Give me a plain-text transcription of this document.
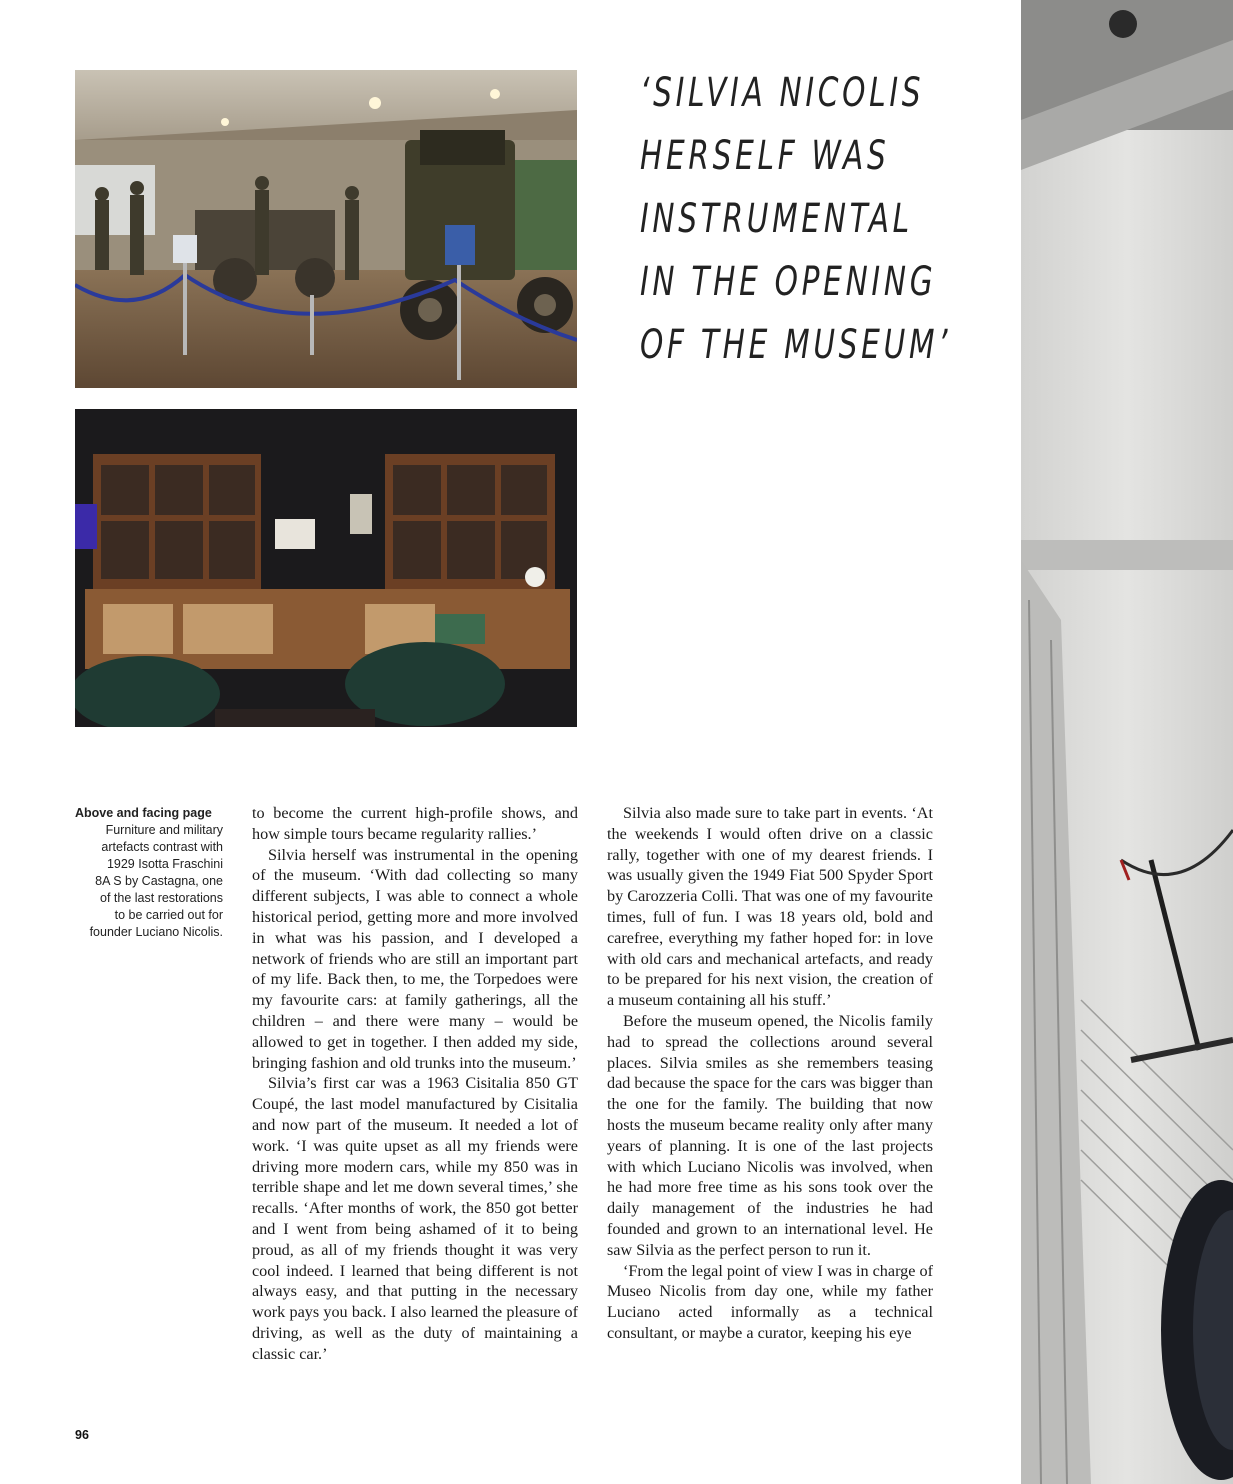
‘SILVIA NICOLIS
HERSELF WAS
INSTRUMENTAL
IN THE OPENING
OF THE MUSEUM’
Above and facing page
Furniture and military
artefacts contrast with
1929 Isotta Fraschini
8A S by Castagna, one
of the last restorations
to be carried out for
founder Luciano Nicolis.

to become the current high-profile shows, and how simple tours became regularity rallies.’

Silvia herself was instrumental in the opening of the museum. ‘With dad collecting so many different subjects, I was able to connect a whole historical period, getting more and more involved in what was his passion, and I developed a network of friends who are still an important part of my life. Back then, to me, the Torpedoes were my favourite cars: at family gatherings, all the children – and there were many – would be allowed to get in together. I then added my side, bringing fashion and old trunks into the museum.’

Silvia’s first car was a 1963 Cisitalia 850 GT Coupé, the last model manufactured by Cisitalia and now part of the museum. It needed a lot of work. ‘I was quite upset as all my friends were driving more modern cars, while my 850 was in terrible shape and let me down several times,’ she recalls. ‘After months of work, the 850 got better and I went from being ashamed of it to being proud, as all of my friends thought it was very cool indeed. I learned that being different is not always easy, and that putting in the necessary work pays you back. I also learned the pleasure of driving, as well as the duty of maintaining a classic car.’

Silvia also made sure to take part in events. ‘At the weekends I would often drive on a classic rally, together with one of my dearest friends. I was usually given the 1949 Fiat 500 Spyder Sport by Carozzeria Colli. That was one of my favourite times, full of fun. I was 18 years old, bold and carefree, everything my father hoped for: in love with old cars and mechanical artefacts, and ready to be prepared for his next vision, the creation of a museum containing all his stuff.’

Before the museum opened, the Nicolis family had to spread the collections around several places. Silvia smiles as she remembers teasing dad because the space for the cars was bigger than the one for the family. The building that now hosts the museum became reality only after many years of planning. It is one of the last projects with which Luciano Nicolis was involved, when he had more free time as his sons took over the daily management of the industries he had founded and grown to an international level. He saw Silvia as the perfect person to run it.

‘From the legal point of view I was in charge of Museo Nicolis from day one, while my father Luciano acted informally as a technical consultant, or maybe a curator, keeping his eye

96
